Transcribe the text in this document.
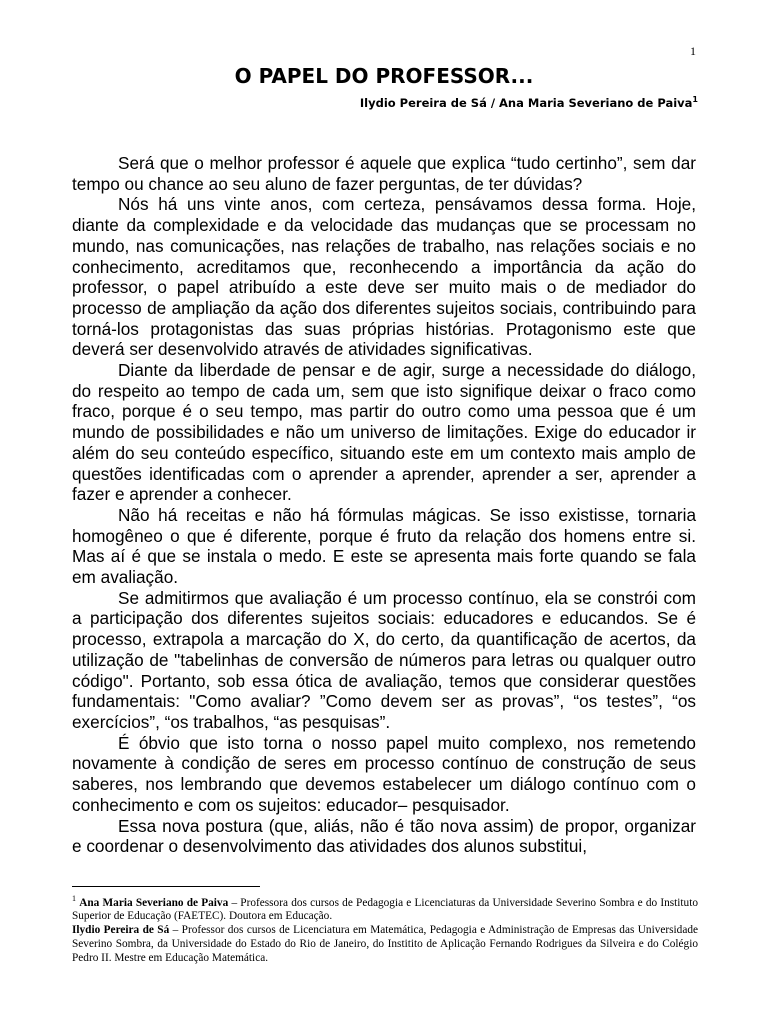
1
O PAPEL DO PROFESSOR...
Ilydio Pereira de Sá / Ana Maria Severiano de Paiva$^1$

Será que o melhor professor é aquele que explica “tudo certinho”, sem dar tempo ou chance ao seu aluno de fazer perguntas, de ter dúvidas?

Nós há uns vinte anos, com certeza, pensávamos dessa forma. Hoje, diante da complexidade e da velocidade das mudanças que se processam no mundo, nas comunicações, nas relações de trabalho, nas relações sociais e no conhecimento, acreditamos que, reconhecendo a importância da ação do professor, o papel atribuído a este deve ser muito mais o de mediador do processo de ampliação da ação dos diferentes sujeitos sociais, contribuindo para torná-los protagonistas das suas próprias histórias. Protagonismo este que deverá ser desenvolvido através de atividades significativas.

Diante da liberdade de pensar e de agir, surge a necessidade do diálogo, do respeito ao tempo de cada um, sem que isto signifique deixar o fraco como fraco, porque é o seu tempo, mas partir do outro como uma pessoa que é um mundo de possibilidades e não um universo de limitações. Exige do educador ir além do seu conteúdo específico, situando este em um contexto mais amplo de questões identificadas com o aprender a aprender, aprender a ser, aprender a fazer e aprender a conhecer.

Não há receitas e não há fórmulas mágicas. Se isso existisse, tornaria homogêneo o que é diferente, porque é fruto da relação dos homens entre si. Mas aí é que se instala o medo. E este se apresenta mais forte quando se fala em avaliação.

Se admitirmos que avaliação é um processo contínuo, ela se constrói com a participação dos diferentes sujeitos sociais: educadores e educandos. Se é processo, extrapola a marcação do X, do certo, da quantificação de acertos, da utilização de "tabelinhas de conversão de números para letras ou qualquer outro código". Portanto, sob essa ótica de avaliação, temos que considerar questões fundamentais: "Como avaliar? ”Como devem ser as provas”, “os testes”, “os exercícios”, “os trabalhos, “as pesquisas”.

É óbvio que isto torna o nosso papel muito complexo, nos remetendo novamente à condição de seres em processo contínuo de construção de seus saberes, nos lembrando que devemos estabelecer um diálogo contínuo com o conhecimento e com os sujeitos: educador– pesquisador.

Essa nova postura (que, aliás, não é tão nova assim) de propor, organizar e coordenar o desenvolvimento das atividades dos alunos substitui,

$^1$ Ana Maria Severiano de Paiva – Professora dos cursos de Pedagogia e Licenciaturas da Universidade Severino Sombra e do Instituto Superior de Educação (FAETEC). Doutora em Educação.

Ilydio Pereira de Sá – Professor dos cursos de Licenciatura em Matemática, Pedagogia e Administração de Empresas das Universidade Severino Sombra, da Universidade do Estado do Rio de Janeiro, do Institito de Aplicação Fernando Rodrigues da Silveira e do Colégio Pedro II. Mestre em Educação Matemática.
